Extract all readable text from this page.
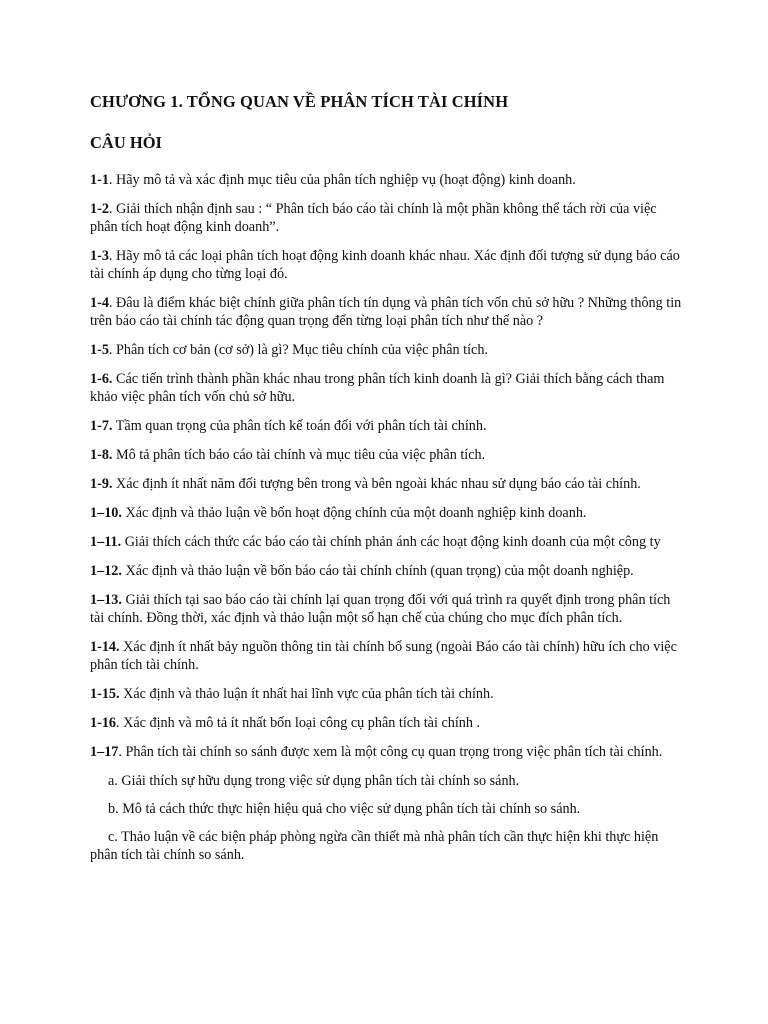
CHƯƠNG 1. TỔNG QUAN VỀ PHÂN TÍCH TÀI CHÍNH
CÂU HỎI

1-1. Hãy mô tả và xác định mục tiêu của phân tích nghiệp vụ (hoạt động) kinh doanh.

1-2. Giải thích nhận định sau : “ Phân tích báo cáo tài chính là một phần không thể tách rời của việc phân tích hoạt động kinh doanh”.

1-3. Hãy mô tả các loại phân tích hoạt động kinh doanh khác nhau. Xác định đối tượng sử dụng báo cáo tài chính áp dụng cho từng loại đó.

1-4. Đâu là điểm khác biệt chính giữa phân tích tín dụng và phân tích vốn chủ sở hữu ? Những thông tin trên báo cáo tài chính tác động quan trọng đến từng loại phân tích như thế nào ?

1-5. Phân tích cơ bản (cơ sở) là gì? Mục tiêu chính của việc phân tích.

1-6. Các tiến trình thành phần khác nhau trong phân tích kinh doanh là gì? Giải thích bằng cách tham khảo việc phân tích vốn chủ sở hữu.

1-7. Tầm quan trọng của phân tích kế toán đối với phân tích tài chính.

1-8. Mô tả phân tích báo cáo tài chính và mục tiêu của việc phân tích.

1-9. Xác định ít nhất năm đối tượng bên trong và bên ngoài khác nhau sử dụng báo cáo tài chính.

1–10. Xác định và thảo luận về bốn hoạt động chính của một doanh nghiệp kinh doanh.

1–11. Giải thích cách thức các báo cáo tài chính phản ánh các hoạt động kinh doanh của một công ty

1–12. Xác định và thảo luận về bốn báo cáo tài chính chính (quan trọng) của một doanh nghiệp.

1–13. Giải thích tại sao báo cáo tài chính lại quan trọng đối với quá trình ra quyết định trong phân tích tài chính. Đồng thời, xác định và thảo luận một số hạn chế của chúng cho mục đích phân tích.

1-14. Xác định ít nhất bảy nguồn thông tin tài chính bổ sung (ngoài Báo cáo tài chính) hữu ích cho việc phân tích tài chính.

1-15. Xác định và thảo luận ít nhất hai lĩnh vực của phân tích tài chính.

1-16. Xác định và mô tả ít nhất bốn loại công cụ phân tích tài chính .

1–17. Phân tích tài chính so sánh được xem là một công cụ quan trọng trong việc phân tích tài chính.

a. Giải thích sự hữu dụng trong việc sử dụng phân tích tài chính so sánh.

b. Mô tả cách thức thực hiện hiệu quả cho việc sử dụng phân tích tài chính so sánh.

c. Thảo luận về các biện pháp phòng ngừa cần thiết mà nhà phân tích cần thực hiện khi thực hiện phân tích tài chính so sánh.
